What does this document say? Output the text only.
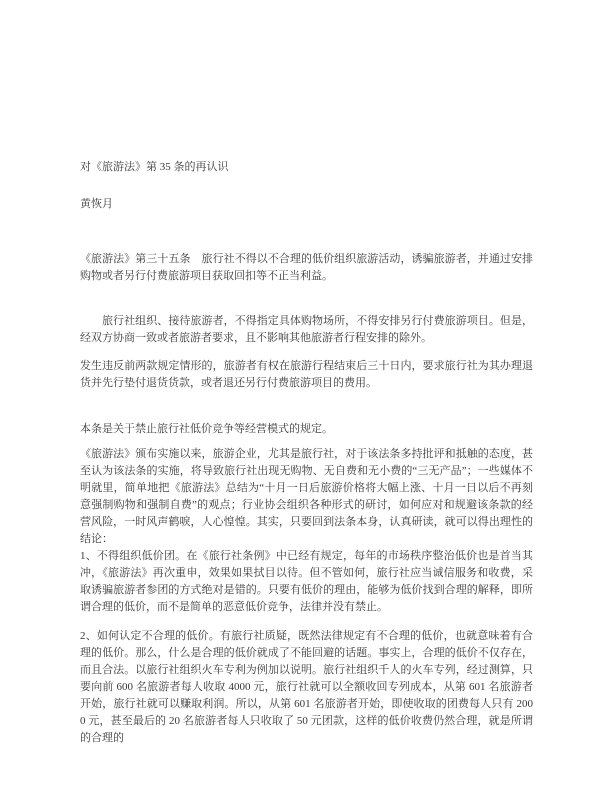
对《旅游法》第 35 条的再认识
黄恢月

《旅游法》第三十五条　旅行社不得以不合理的低价组织旅游活动，诱骗旅游者，并通过安排购物或者另行付费旅游项目获取回扣等不正当利益。

旅行社组织、接待旅游者，不得指定具体购物场所，不得安排另行付费旅游项目。但是，经双方协商一致或者旅游者要求，且不影响其他旅游者行程安排的除外。

发生违反前两款规定情形的，旅游者有权在旅游行程结束后三十日内，要求旅行社为其办理退货并先行垫付退货货款，或者退还另行付费旅游项目的费用。

本条是关于禁止旅行社低价竞争等经营模式的规定。

《旅游法》颁布实施以来，旅游企业，尤其是旅行社，对于该法条多持批评和抵触的态度，甚至认为该法条的实施，将导致旅行社出现无购物、无自费和无小费的“三无产品”；一些媒体不明就里，简单地把《旅游法》总结为“十月一日后旅游价格将大幅上涨、十月一日以后不再刻意强制购物和强制自费”的观点；行业协会组织各种形式的研讨，如何应对和规避该条款的经营风险，一时风声鹤唳，人心惶惶。其实，只要回到法条本身，认真研读，就可以得出理性的结论：

1、不得组织低价团。在《旅行社条例》中已经有规定，每年的市场秩序整治低价也是首当其冲，《旅游法》再次重申，效果如果拭目以待。但不管如何，旅行社应当诚信服务和收费，采取诱骗旅游者参团的方式绝对是错的。只要有低价的理由，能够为低价找到合理的解释，即所谓合理的低价，而不是简单的恶意低价竞争，法律并没有禁止。

2、如何认定不合理的低价。有旅行社质疑，既然法律规定有不合理的低价，也就意味着有合理的低价。那么，什么是合理的低价就成了不能回避的话题。事实上，合理的低价不仅存在，而且合法。以旅行社组织火车专利为例加以说明。旅行社组织千人的火车专列，经过测算，只要向前 600 名旅游者每人收取 4000 元，旅行社就可以全额收回专列成本，从第 601 名旅游者开始，旅行社就可以赚取利润。所以，从第 601 名旅游者开始，即使收取的团费每人只有 2000 元，甚至最后的 20 名旅游者每人只收取了 50 元团款，这样的低价收费仍然合理，就是所谓的合理的
